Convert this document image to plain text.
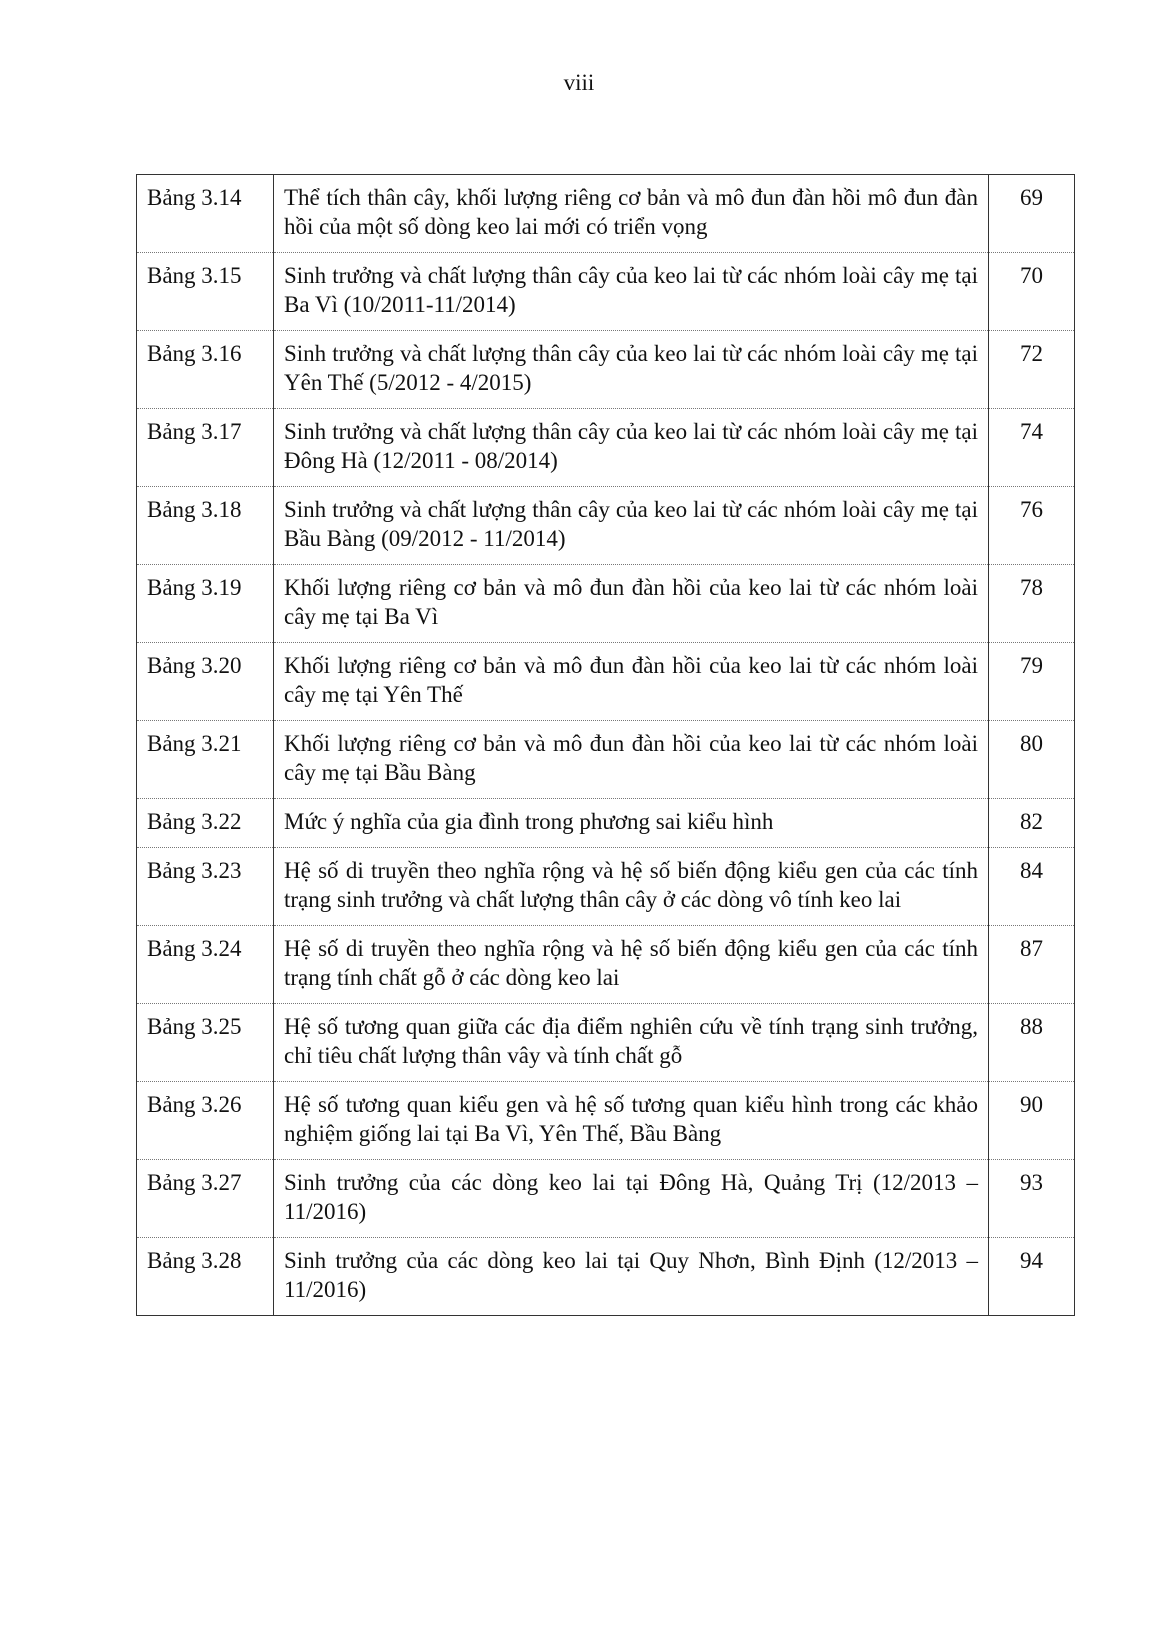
viii
Bảng 3.14	Thể tích thân cây, khối lượng riêng cơ bản và mô đun đàn hồi mô đun đàn hồi của một số dòng keo lai mới có triển vọng	69
Bảng 3.15	Sinh trưởng và chất lượng thân cây của keo lai từ các nhóm loài cây mẹ tại Ba Vì (10/2011-11/2014)	70
Bảng 3.16	Sinh trưởng và chất lượng thân cây của keo lai từ các nhóm loài cây mẹ tại Yên Thế (5/2012 - 4/2015)	72
Bảng 3.17	Sinh trưởng và chất lượng thân cây của keo lai từ các nhóm loài cây mẹ tại Đông Hà (12/2011 - 08/2014)	74
Bảng 3.18	Sinh trưởng và chất lượng thân cây của keo lai từ các nhóm loài cây mẹ tại Bầu Bàng (09/2012 - 11/2014)	76
Bảng 3.19	Khối lượng riêng cơ bản và mô đun đàn hồi của keo lai từ các nhóm loài cây mẹ tại Ba Vì	78
Bảng 3.20	Khối lượng riêng cơ bản và mô đun đàn hồi của keo lai từ các nhóm loài cây mẹ tại Yên Thế	79
Bảng 3.21	Khối lượng riêng cơ bản và mô đun đàn hồi của keo lai từ các nhóm loài cây mẹ tại Bầu Bàng	80
Bảng 3.22	Mức ý nghĩa của gia đình trong phương sai kiểu hình	82
Bảng 3.23	Hệ số di truyền theo nghĩa rộng và hệ số biến động kiểu gen của các tính trạng sinh trưởng và chất lượng thân cây ở các dòng vô tính keo lai	84
Bảng 3.24	Hệ số di truyền theo nghĩa rộng và hệ số biến động kiểu gen của các tính trạng tính chất gỗ ở các dòng keo lai	87
Bảng 3.25	Hệ số tương quan giữa các địa điểm nghiên cứu về tính trạng sinh trưởng, chỉ tiêu chất lượng thân vây và tính chất gỗ	88
Bảng 3.26	Hệ số tương quan kiểu gen và hệ số tương quan kiểu hình trong các khảo nghiệm giống lai tại Ba Vì, Yên Thế, Bầu Bàng	90
Bảng 3.27	Sinh trưởng của các dòng keo lai tại Đông Hà, Quảng Trị (12/2013 – 11/2016)	93
Bảng 3.28	Sinh trưởng của các dòng keo lai tại Quy Nhơn, Bình Định (12/2013 – 11/2016)	94
